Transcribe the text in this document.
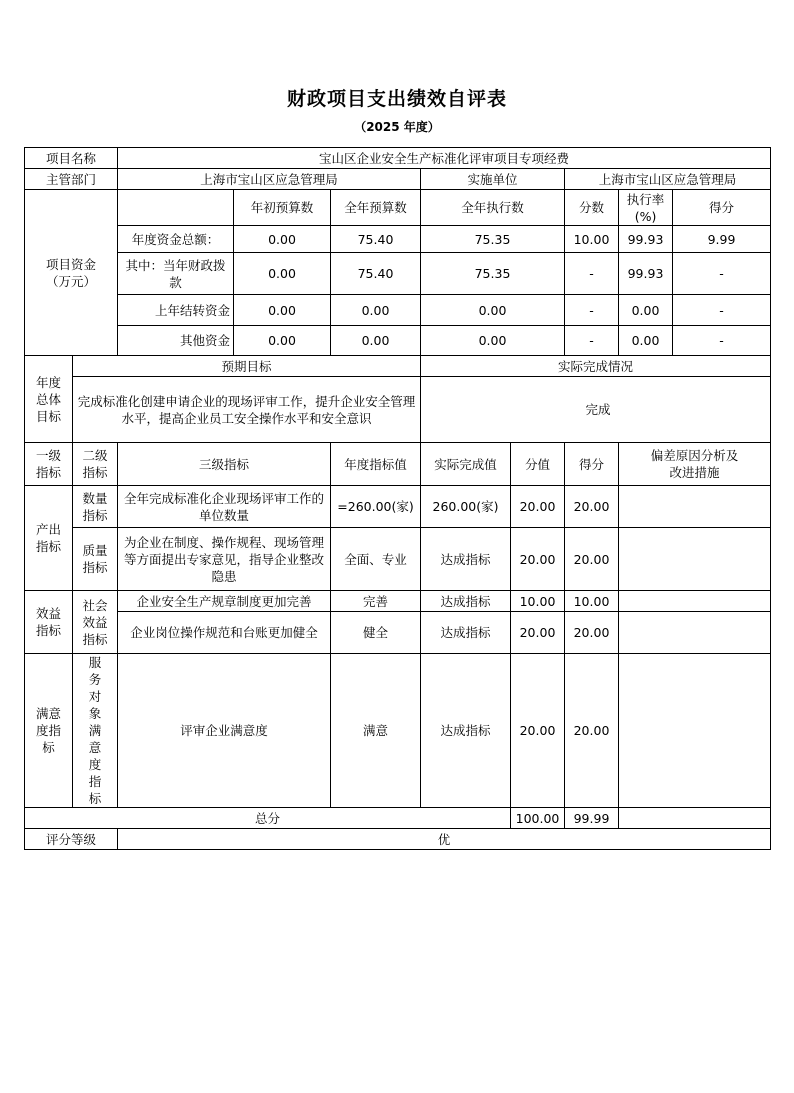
财政项目支出绩效自评表
（2025 年度）
项目名称		宝山区企业安全生产标准化评审项目专项经费							
主管部门		上海市宝山区应急管理局			实施单位		上海市宝山区应急管理局		
项目资金（万元）			年初预算数	全年预算数	全年执行数		分数	执行率(%)	得分
		年度资金总额：	0.00	75.40	75.35		10.00	99.93	9.99
		其中：当年财政拨款	0.00	75.40	75.35		-	99.93	-
		上年结转资金	0.00	0.00	0.00		-	0.00	-
		其他资金	0.00	0.00	0.00		-	0.00	-
年度总体目标	预期目标				实际完成情况				
	完成标准化创建申请企业的现场评审工作，提升企业安全管理水平，提高企业员工安全操作水平和安全意识				完成				
一级指标	二级指标	三级指标		年度指标值	实际完成值	分值	得分	偏差原因分析及改进措施	
产出指标	数量指标	全年完成标准化企业现场评审工作的单位数量		=260.00(家)	260.00(家)	20.00	20.00		
	质量指标	为企业在制度、操作规程、现场管理等方面提出专家意见，指导企业整改隐患		全面、专业	达成指标	20.00	20.00		
效益指标	社会效益指标	企业安全生产规章制度更加完善		完善	达成指标	10.00	10.00		
		企业岗位操作规范和台账更加健全		健全	达成指标	20.00	20.00		
满意度指标	服务对象满意度指标	评审企业满意度		满意	达成指标	20.00	20.00		
总分						100.00	99.99		
评分等级		优							
